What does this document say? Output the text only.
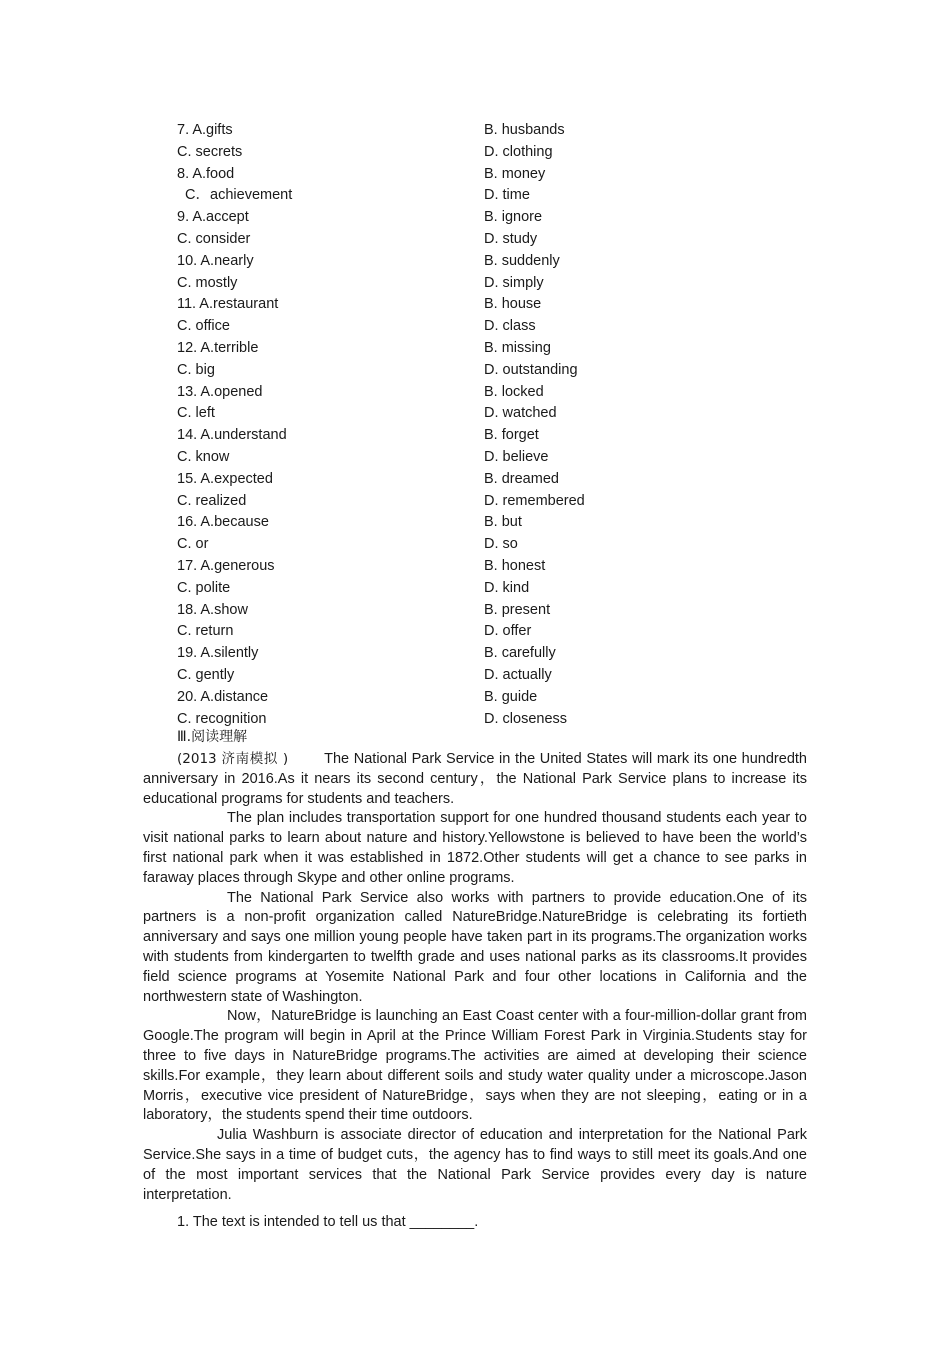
7. A.gifts	B. husbands
C. secrets	D. clothing
8. A.food	B. money
C．achievement	D. time
9. A.accept	B. ignore
C. consider	D. study
10. A.nearly	B. suddenly
C. mostly	D. simply
11. A.restaurant	B. house
C. office	D. class
12. A.terrible	B. missing
C. big	D. outstanding
13. A.opened	B. locked
C. left	D. watched
14. A.understand	B. forget
C. know	D. believe
15. A.expected	B. dreamed
C. realized	D. remembered
16. A.because	B. but
C. or	D. so
17. A.generous	B. honest
C. polite	D. kind
18. A.show	B. present
C. return	D. offer
19. A.silently	B. carefully
C. gently	D. actually
20. A.distance	B. guide
C. recognition	D. closeness
Ⅲ.阅读理解

(2013 济南模拟 ) The National Park Service in the United States will mark its one hundredth anniversary in 2016.As it nears its second century，the National Park Service plans to increase its educational programs for students and teachers.

The plan includes transportation support for one hundred thousand students each year to visit national parks to learn about nature and history.Yellowstone is believed to have been the world’s first national park when it was established in 1872.Other students will get a chance to see parks in faraway places through Skype and other online programs.

The National Park Service also works with partners to provide education.One of its partners is a non-profit organization called NatureBridge.NatureBridge is celebrating its fortieth anniversary and says one million young people have taken part in its programs.The organization works with students from kindergarten to twelfth grade and uses national parks as its classrooms.It provides field science programs at Yosemite National Park and four other locations in California and the northwestern state of Washington.

Now，NatureBridge is launching an East Coast center with a four-million-dollar grant from Google.The program will begin in April at the Prince William Forest Park in Virginia.Students stay for three to five days in NatureBridge programs.The activities are aimed at developing their science skills.For example，they learn about different soils and study water quality under a microscope.Jason Morris，executive vice president of NatureBridge，says when they are not sleeping，eating or in a laboratory，the students spend their time outdoors.

Julia Washburn is associate director of education and interpretation for the National Park Service.She says in a time of budget cuts，the agency has to find ways to still meet its goals.And one of the most important services that the National Park Service provides every day is nature interpretation.

1. The text is intended to tell us that ________.
